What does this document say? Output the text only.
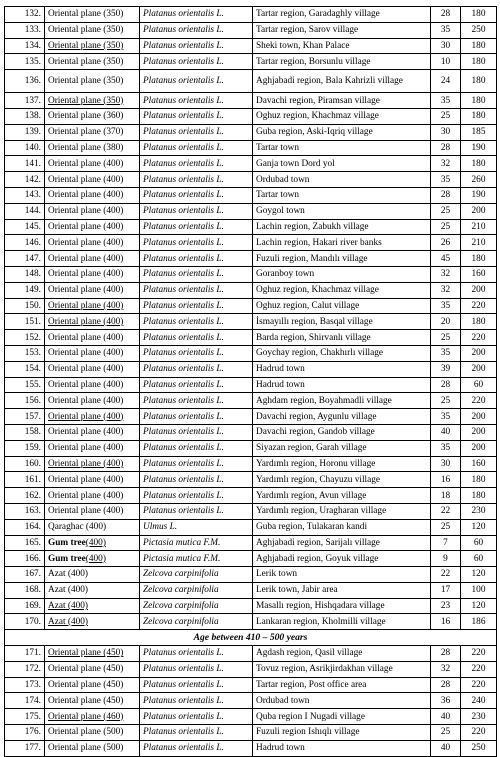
132.	Oriental plane (350)	Platanus orientalis L.	Tartar region, Garadaghly village	28	180
133.	Oriental plane (350)	Platanus orientalis L.	Tartar region, Sarov village	35	250
134.	Oriental plane (350)	Platanus orientalis L.	Sheki town, Khan Palace	30	180
135.	Oriental plane (350)	Platanus orientalis L.	Tartar region, Borsunlu village	10	180
136.	Oriental plane (350)	Platanus orientalis L.	Aghjabadi region, Bala Kahrizli village	24	180
137.	Oriental plane (350)	Platanus orientalis L.	Davachi region, Piramsan village	35	180
138.	Oriental plane (360)	Platanus orientalis L.	Oghuz region, Khachmaz village	25	180
139.	Oriental plane (370)	Platanus orientalis L.	Guba region, Aski-Iqriq village	30	185
140.	Oriental plane (380)	Platanus orientalis L.	Tartar town	28	190
141.	Oriental plane (400)	Platanus orientalis L.	Ganja town Dord yol	32	180
142.	Oriental plane (400)	Platanus orientalis L.	Ordubad town	35	260
143.	Oriental plane (400)	Platanus orientalis L.	Tartar town	28	190
144.	Oriental plane (400)	Platanus orientalis L.	Goygol town	25	200
145.	Oriental plane (400)	Platanus orientalis L.	Lachin region, Zabukh village	25	210
146.	Oriental plane (400)	Platanus orientalis L.	Lachin region, Hakari river banks	26	210
147.	Oriental plane (400)	Platanus orientalis L.	Fuzuli region, Mandılı village	45	180
148.	Oriental plane (400)	Platanus orientalis L.	Goranboy town	32	160
149.	Oriental plane (400)	Platanus orientalis L.	Oghuz region, Khachmaz village	32	200
150.	Oriental plane (400)	Platanus orientalis L.	Oghuz region, Calut village	35	220
151.	Oriental plane (400)	Platanus orientalis L.	İsmayıllı region, Basqal village	20	180
152.	Oriental plane (400)	Platanus orientalis L.	Barda region, Shirvanlı village	25	220
153.	Oriental plane (400)	Platanus orientalis L.	Goychay region, Chakhırlı village	35	200
154.	Oriental plane (400)	Platanus orientalis L.	Hadrud town	39	200
155.	Oriental plane (400)	Platanus orientalis L.	Hadrud town	28	60
156.	Oriental plane (400)	Platanus orientalis L.	Aghdam region, Boyahmadli village	25	220
157.	Oriental plane (400)	Platanus orientalis L.	Davachi region, Aygunlu village	35	200
158.	Oriental plane (400)	Platanus orientalis L.	Davachi region, Gandob village	40	200
159.	Oriental plane (400)	Platanus orientalis L.	Siyazan region, Garah village	35	200
160.	Oriental plane (400)	Platanus orientalis L.	Yardımlı region, Horonu village	30	160
161.	Oriental plane (400)	Platanus orientalis L.	Yardımlı region, Chayuzu village	16	180
162.	Oriental plane (400)	Platanus orientalis L.	Yardımlı region, Avun village	18	180
163.	Oriental plane (400)	Platanus orientalis L.	Yardımlı region, Uragharan village	22	230
164.	Qaraghac (400)	Ulmus L.	Guba region, Tulakaran kandi	25	120
165.	Gum tree(400)	Pictasia mutica F.M.	Aghjabadi region, Sarijalı village	7	60
166.	Gum tree(400)	Pictasia mutica F.M.	Aghjabadi region, Goyuk village	9	60
167.	Azat (400)	Zelcova carpinifolia	Lerik town	22	120
168.	Azat (400)	Zelcova carpinifolia	Lerik town, Jabir area	17	100
169.	Azat (400)	Zelcova carpinifolia	Masallı region, Hishqadara village	23	120
170.	Azat (400)	Zelcova carpinifolia	Lankaran region, Kholmilli village	16	186
Age between 410 – 500 years					
171.	Oriental plane (450)	Platanus orientalis L.	Agdash region, Qasil village	28	220
172.	Oriental plane (450)	Platanus orientalis L.	Tovuz region, Asrikjirdakhan village	32	220
173.	Oriental plane (450)	Platanus orientalis L.	Tartar region, Post office area	28	220
174.	Oriental plane (450)	Platanus orientalis L.	Ordubad town	36	240
175.	Oriental plane (460)	Platanus orientalis L.	Quba region I Nugadi village	40	230
176.	Oriental plane (500)	Platanus orientalis L.	Fuzuli region Ishıqlı village	25	220
177.	Oriental plane (500)	Platanus orientalis L.	Hadrud town	40	250
